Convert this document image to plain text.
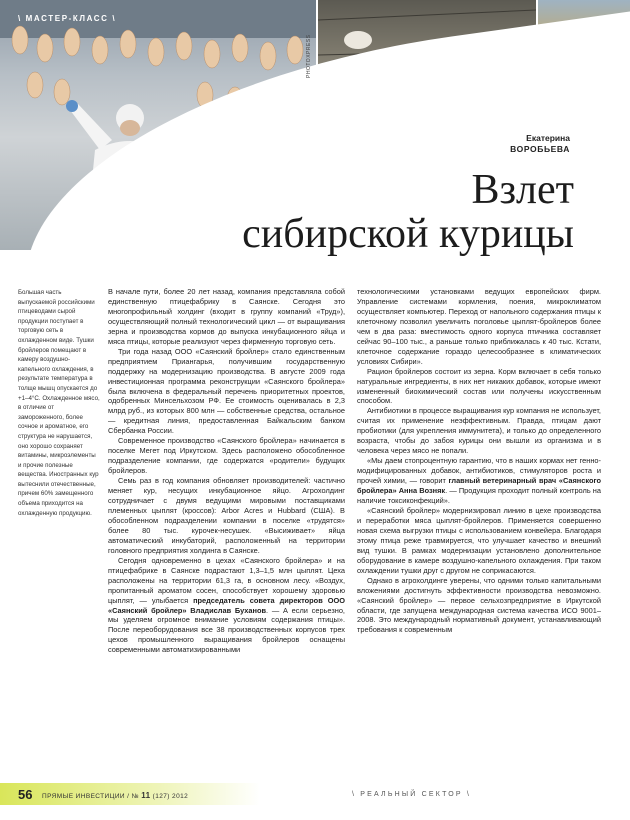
\ МАСТЕР-КЛАСС \
PHOTOXPRESS
Екатерина
ВОРОБЬЕВА
Взлет
сибирской курицы
Большая часть выпускаемой российскими птицеводами сырой продукции поступает в торговую сеть в охлажденном виде. Тушки бройлеров помещают в камеру воздушно-капельного охлаждения, в результате температура в толще мышц опускается до +1–4°С. Охлажденное мясо, в отличие от замороженного, более сочное и ароматное, его структура не нарушается, оно хорошо сохраняет витамины, микроэлементы и прочие полезные вещества. Иностранных кур вытеснили отечественные, причем 60% замещенного объема приходится на охлажденную продукцию.

В начале пути, более 20 лет назад, компания представляла собой единственную птицефабрику в Саянске. Сегодня это многопрофильный холдинг (входит в группу компаний «Труд»), осуществляющий полный технологический цикл — от выращивания зерна и производства кормов до выпуска инкубационного яйца и мяса птицы, которые реализуют через фирменную торговую сеть.

Три года назад ООО «Саянский бройлер» стало единственным предприятием Приангарья, получившим государственную поддержку на модернизацию производства. В августе 2009 года инвестиционная программа реконструкции «Саянского бройлера» была включена в федеральный перечень приоритетных проектов, одобренных Минсельхозом РФ. Ее стоимость оценивалась в 2,3 млрд руб., из которых 800 млн — собственные средства, остальное — кредитная линия, предоставленная Байкальским банком Сбербанка России.

Современное производство «Саянского бройлера» начинается в поселке Мегет под Иркутском. Здесь расположено обособленное подразделение компании, где содержатся «родители» будущих бройлеров.

Семь раз в год компания обновляет производителей: частично меняет кур, несущих инкубационное яйцо. Агрохолдинг сотрудничает с двумя ведущими мировыми поставщиками племенных цыплят (кроссов): Arbor Acres и Hubbard (США). В обособленном подразделении компании в поселке «трудятся» более 80 тыс. курочек-несушек. «Высиживает» яйца автоматический инкубаторий, расположенный на территории головного предприятия холдинга в Саянске.

Сегодня одновременно в цехах «Саянского бройлера» и на птицефабрике в Саянске подрастают 1,3–1,5 млн цыплят. Цеха расположены на территории 61,3 га, в основном лесу. «Воздух, пропитанный ароматом сосен, способствует хорошему здоровью цыплят, — улыбается председатель совета директоров ООО «Саянский бройлер» Владислав Буханов. — А если серьезно, мы уделяем огромное внимание условиям содержания птицы». После переоборудования все 38 производственных корпусов трех цехов промышленного выращивания бройлеров оснащены современными автоматизированными

технологическими установками ведущих европейских фирм. Управление системами кормления, поения, микроклиматом осуществляет компьютер. Переход от напольного содержания птицы к клеточному позволил увеличить поголовье цыплят-бройлеров более чем в два раза: вместимость одного корпуса птичника составляет сейчас 90–100 тыс., а раньше только приближалась к 40 тыс. Кстати, клеточное содержание гораздо целесообразнее в климатических условиях Сибири».

Рацион бройлеров состоит из зерна. Корм включает в себя только натуральные ингредиенты, в них нет никаких добавок, которые имеют измененный биохимический состав или получены искусственным способом.

Антибиотики в процессе выращивания кур компания не использует, считая их применение неэффективным. Правда, птицам дают пробиотики (для укрепления иммунитета), и только до определенного возраста, чтобы до забоя курицы они вышли из организма и в человека через мясо не попали.

«Мы даем стопроцентную гарантию, что в наших кормах нет генно-модифицированных добавок, антибиотиков, стимуляторов роста и прочей химии, — говорит главный ветеринарный врач «Саянского бройлера» Анна Возняк. — Продукция проходит полный контроль на наличие токсиконфекций».

«Саянский бройлер» модернизировал линию в цехе производства и переработки мяса цыплят-бройлеров. Применяется совершенно новая схема выгрузки птицы с использованием конвейера. Благодаря этому птица реже травмируется, что улучшает качество и внешний вид тушки. В рамках модернизации установлено дополнительное оборудование в камере воздушно-капельного охлаждения. При таком охлаждении тушки друг с другом не соприкасаются.

Однако в агрохолдинге уверены, что одними только капитальными вложениями достигнуть эффективности производства невозможно. «Саянский бройлер» — первое сельхозпредприятие в Иркутской области, где запущена международная система качества ИСО 9001–2008. Это международный нормативный документ, устанавливающий требования к современным

56 ПРЯМЫЕ ИНВЕСТИЦИИ / № 11 (127) 2012	\ РЕАЛЬНЫЙ СЕКТОР \
